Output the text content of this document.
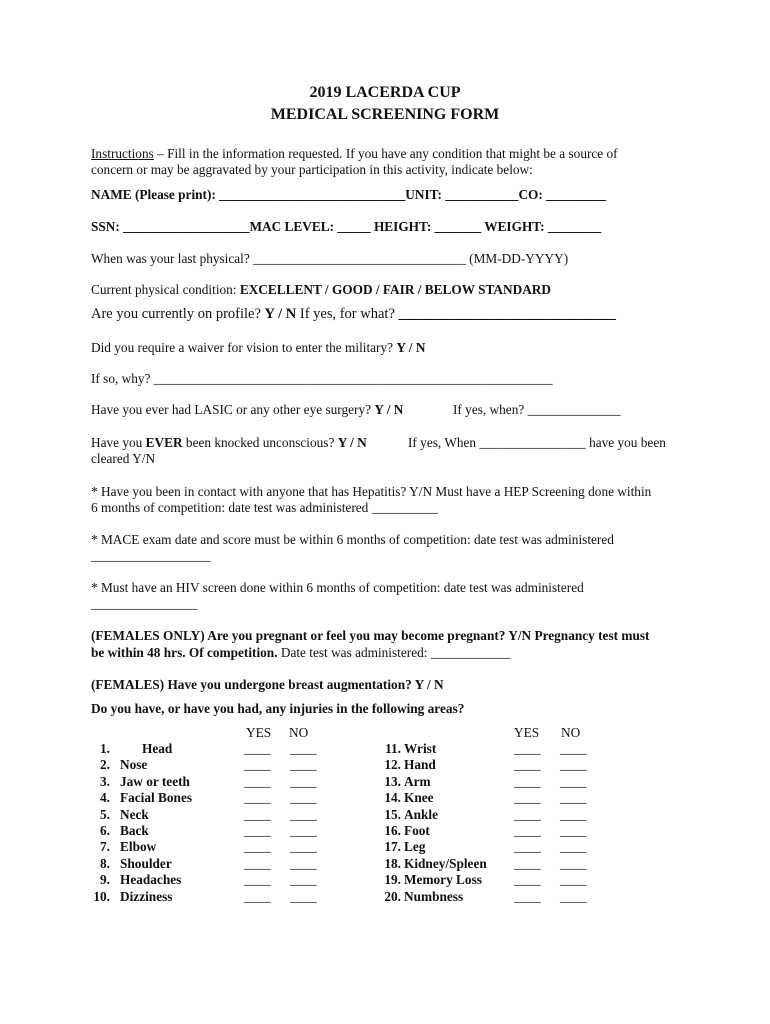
2019 LACERDA CUP
MEDICAL SCREENING FORM
Instructions – Fill in the information requested. If you have any condition that might be a source of
concern or may be aggravated by your participation in this activity, indicate below:
NAME (Please print): ____________________________UNIT: ___________CO: _________
SSN: ___________________MAC LEVEL: _____ HEIGHT: _______ WEIGHT: ________
When was your last physical? ________________________________ (MM-DD-YYYY)
Current physical condition: EXCELLENT / GOOD / FAIR / BELOW STANDARD
Are you currently on profile? Y / N If yes, for what? ______________________________
Did you require a waiver for vision to enter the military? Y / N
If so, why? ____________________________________________________________
Have you ever had LASIC or any other eye surgery? Y / N	If yes, when? ______________
Have you EVER been knocked unconscious? Y / N	If yes, When ________________ have you been
cleared Y/N
* Have you been in contact with anyone that has Hepatitis? Y/N Must have a HEP Screening done within
6 months of competition: date test was administered __________
* MACE exam date and score must be within 6 months of competition: date test was administered
__________________
* Must have an HIV screen done within 6 months of competition: date test was administered
________________
(FEMALES ONLY) Are you pregnant or feel you may become pregnant? Y/N Pregnancy test must
be within 48 hrs. Of competition. Date test was administered: ____________
(FEMALES) Have you undergone breast augmentation? Y / N
Do you have, or have you had, any injuries in the following areas?
YES NO	YES NO
1. Head	____ ____
2. Nose	____ ____
3. Jaw or teeth	____ ____
4. Facial Bones	____ ____
5. Neck	____ ____
6. Back	____ ____
7. Elbow	____ ____
8. Shoulder	____ ____
9. Headaches	____ ____
10. Dizziness	____ ____
11. Wrist	____ ____
12. Hand	____ ____
13. Arm	____ ____
14. Knee	____ ____
15. Ankle	____ ____
16. Foot	____ ____
17. Leg	____ ____
18. Kidney/Spleen ____ ____
19. Memory Loss ____ ____
20. Numbness	____ ____
